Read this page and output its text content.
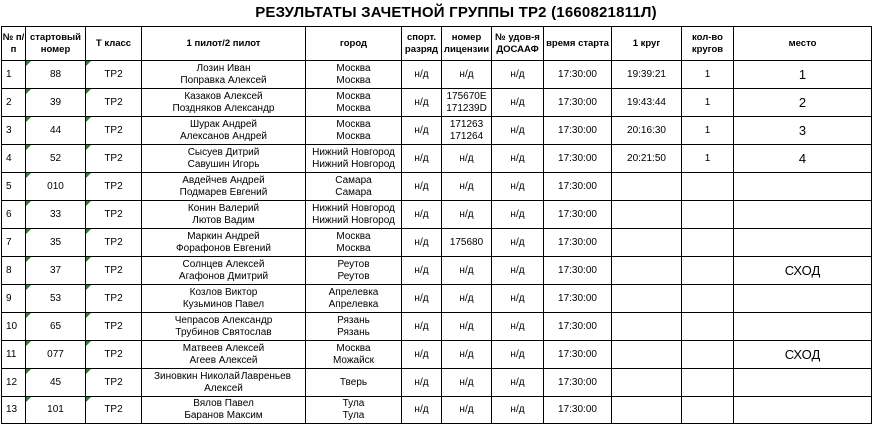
РЕЗУЛЬТАТЫ ЗАЧЕТНОЙ ГРУППЫ ТР2 (1660821811Л)
№ п/п	стартовый номер	Т класс	1 пилот/2 пилот	город	спорт. разряд	номер лицензии	№ удов-я ДОСААФ	время старта	1 круг	кол-во кругов	место

1	88	ТР2	Лозин Иван
Поправка Алексей	Москва
Москва	н/д	н/д	н/д	17:30:00	19:39:21	1	1

2	39	ТР2	Казаков Алексей
Поздняков Александр	Москва
Москва	н/д	175670Е
171239D	н/д	17:30:00	19:43:44	1	2

3	44	ТР2	Шурак Андрей
Алексанов Андрей	Москва
Москва	н/д	171263
171264	н/д	17:30:00	20:16:30	1	3

4	52	ТР2	Сысуев Дитрий
Савушин Игорь	Нижний Новгород
Нижний Новгород	н/д	н/д	н/д	17:30:00	20:21:50	1	4

5	010	ТР2	Авдейчев Андрей
Подмарев Евгений	Самара
Самара	н/д	н/д	н/д	17:30:00			

6	33	ТР2	Конин Валерий
Лютов Вадим	Нижний Новгород
Нижний Новгород	н/д	н/д	н/д	17:30:00			

7	35	ТР2	Маркин Андрей
Форафонов Евгений	Москва
Москва	н/д	175680	н/д	17:30:00			

8	37	ТР2	Солнцев Алексей
Агафонов Дмитрий	Реутов
Реутов	н/д	н/д	н/д	17:30:00			СХОД

9	53	ТР2	Козлов Виктор
Кузьминов Павел	Апрелевка
Апрелевка	н/д	н/д	н/д	17:30:00			

10	65	ТР2	Чепрасов Александр
Трубинов Святослав	Рязань
Рязань	н/д	н/д	н/д	17:30:00			

11	077	ТР2	Матвеев Алексей
Агеев Алексей	Москва
Можайск	н/д	н/д	н/д	17:30:00			СХОД

12	45	ТР2	Зиновкин Николай Лавреньев
Алексей	Тверь	н/д	н/д	н/д	17:30:00			

13	101	ТР2	Вялов Павел
Баранов Максим	Тула
Тула	н/д	н/д	н/д	17:30:00			
